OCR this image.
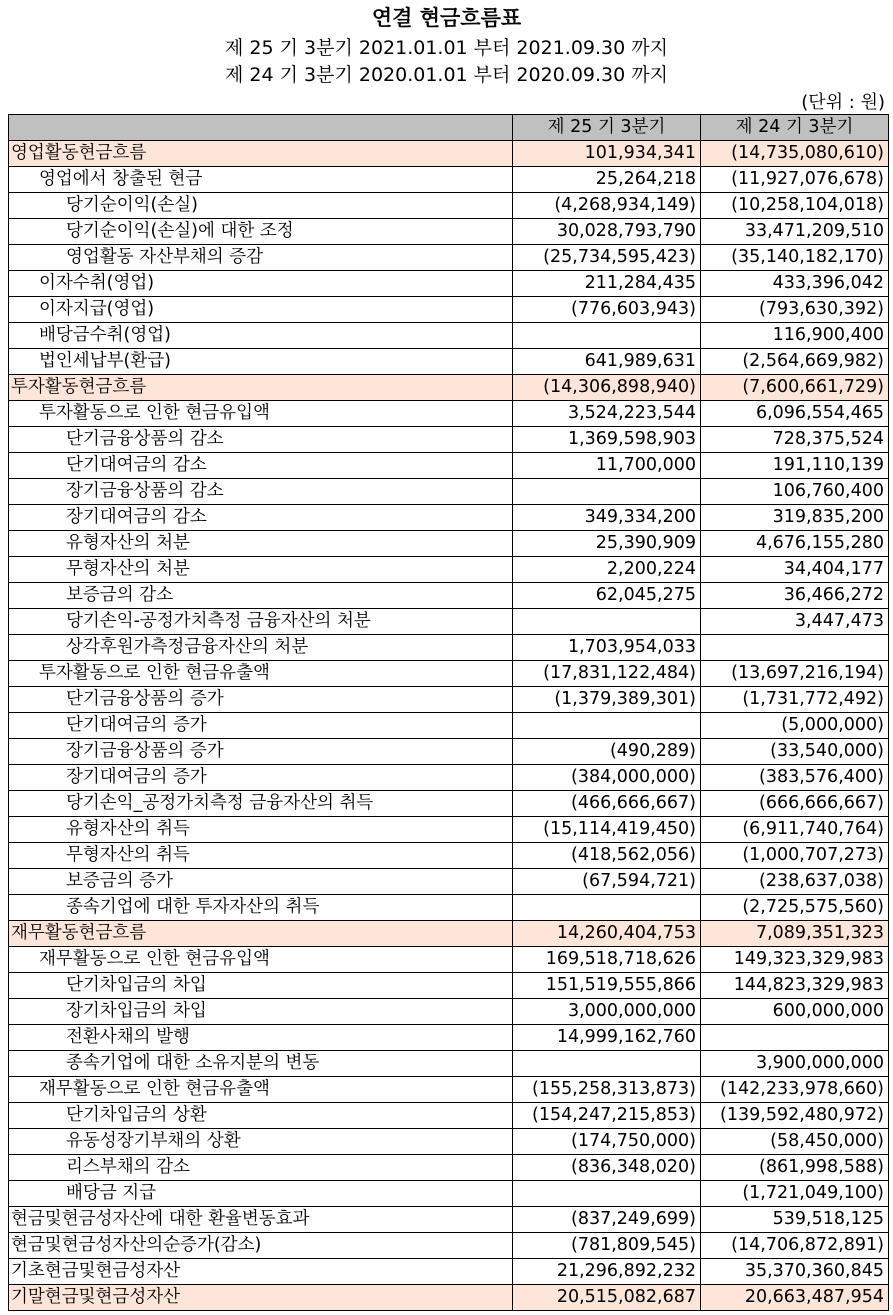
연결 현금흐름표
제 25 기 3분기 2021.01.01 부터 2021.09.30 까지
제 24 기 3분기 2020.01.01 부터 2020.09.30 까지
(단위 : 원)
	제 25 기 3분기	제 24 기 3분기
영업활동현금흐름	101,934,341	(14,735,080,610)
영업에서 창출된 현금	25,264,218	(11,927,076,678)
당기순이익(손실)	(4,268,934,149)	(10,258,104,018)
당기순이익(손실)에 대한 조정	30,028,793,790	33,471,209,510
영업활동 자산부채의 증감	(25,734,595,423)	(35,140,182,170)
이자수취(영업)	211,284,435	433,396,042
이자지급(영업)	(776,603,943)	(793,630,392)
배당금수취(영업)		116,900,400
법인세납부(환급)	641,989,631	(2,564,669,982)
투자활동현금흐름	(14,306,898,940)	(7,600,661,729)
투자활동으로 인한 현금유입액	3,524,223,544	6,096,554,465
단기금융상품의 감소	1,369,598,903	728,375,524
단기대여금의 감소	11,700,000	191,110,139
장기금융상품의 감소		106,760,400
장기대여금의 감소	349,334,200	319,835,200
유형자산의 처분	25,390,909	4,676,155,280
무형자산의 처분	2,200,224	34,404,177
보증금의 감소	62,045,275	36,466,272
당기손익-공정가치측정 금융자산의 처분		3,447,473
상각후원가측정금융자산의 처분	1,703,954,033	
투자활동으로 인한 현금유출액	(17,831,122,484)	(13,697,216,194)
단기금융상품의 증가	(1,379,389,301)	(1,731,772,492)
단기대여금의 증가		(5,000,000)
장기금융상품의 증가	(490,289)	(33,540,000)
장기대여금의 증가	(384,000,000)	(383,576,400)
당기손익_공정가치측정 금융자산의 취득	(466,666,667)	(666,666,667)
유형자산의 취득	(15,114,419,450)	(6,911,740,764)
무형자산의 취득	(418,562,056)	(1,000,707,273)
보증금의 증가	(67,594,721)	(238,637,038)
종속기업에 대한 투자자산의 취득		(2,725,575,560)
재무활동현금흐름	14,260,404,753	7,089,351,323
재무활동으로 인한 현금유입액	169,518,718,626	149,323,329,983
단기차입금의 차입	151,519,555,866	144,823,329,983
장기차입금의 차입	3,000,000,000	600,000,000
전환사채의 발행	14,999,162,760	
종속기업에 대한 소유지분의 변동		3,900,000,000
재무활동으로 인한 현금유출액	(155,258,313,873)	(142,233,978,660)
단기차입금의 상환	(154,247,215,853)	(139,592,480,972)
유동성장기부채의 상환	(174,750,000)	(58,450,000)
리스부채의 감소	(836,348,020)	(861,998,588)
배당금 지급		(1,721,049,100)
현금및현금성자산에 대한 환율변동효과	(837,249,699)	539,518,125
현금및현금성자산의순증가(감소)	(781,809,545)	(14,706,872,891)
기초현금및현금성자산	21,296,892,232	35,370,360,845
기말현금및현금성자산	20,515,082,687	20,663,487,954
